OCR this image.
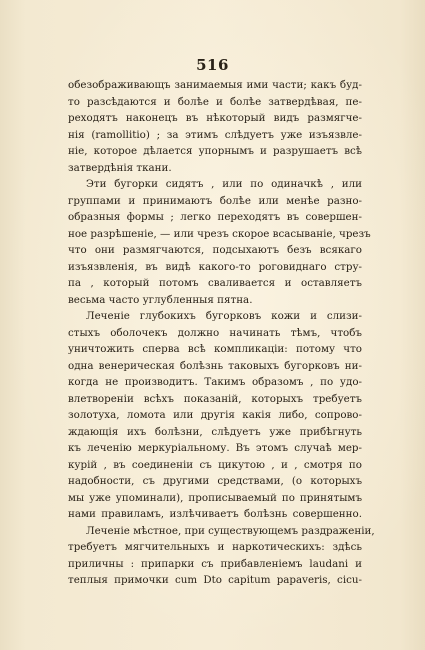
516
обезображивающъ занимаемыя ими части; какъ буд-
то разсѣдаются и болѣе и болѣе затвердѣвая, пе-
реходятъ наконецъ въ нѣкоторый видъ размягче-
нія (ramollitio) ; за этимъ слѣдуетъ уже изъязвле-
ніе, которое дѣлается упорнымъ и разрушаетъ всѣ
затвердѣнія ткани.
Эти бугорки сидятъ , или по одиначкѣ , или
группами и принимаютъ болѣе или менѣе разно-
образныя формы ; легко переходятъ въ совершен-
ное разрѣшеніе, — или чрезъ скорое всасываніе, чрезъ
что они размягчаются, подсыхаютъ безъ всякаго
изъязвленія, въ видѣ какого-то роговиднаго стру-
па , который потомъ сваливается и оставляетъ
весьма часто углубленныя пятна.
Леченіе глубокихъ бугорковъ кожи и слизи-
стыхъ оболочекъ должно начинать тѣмъ, чтобъ
уничтожить сперва всѣ компликаціи: потому что
одна венерическая болѣзнь таковыхъ бугорковъ ни-
когда не производитъ. Такимъ образомъ , по удо-
влетвореніи всѣхъ показаній, которыхъ требуетъ
золотуха, ломота или другія какія либо, сопрово-
ждающія ихъ болѣзни, слѣдуетъ уже прибѣгнуть
къ леченію меркуріальному. Въ этомъ случаѣ мер-
курій , въ соединеніи съ цикутою , и , смотря по
надобности, съ другими средствами, (о которыхъ
мы уже упоминали), прописываемый по принятымъ
нами правиламъ, излѣчиваетъ болѣзнь совершенно.
Леченіе мѣстное, при существующемъ раздраженіи,
требуетъ мягчительныхъ и наркотическихъ: здѣсь
приличны : припарки съ прибавленіемъ laudani и
теплыя примочки cum Dto capitum papaveris, cicu-
